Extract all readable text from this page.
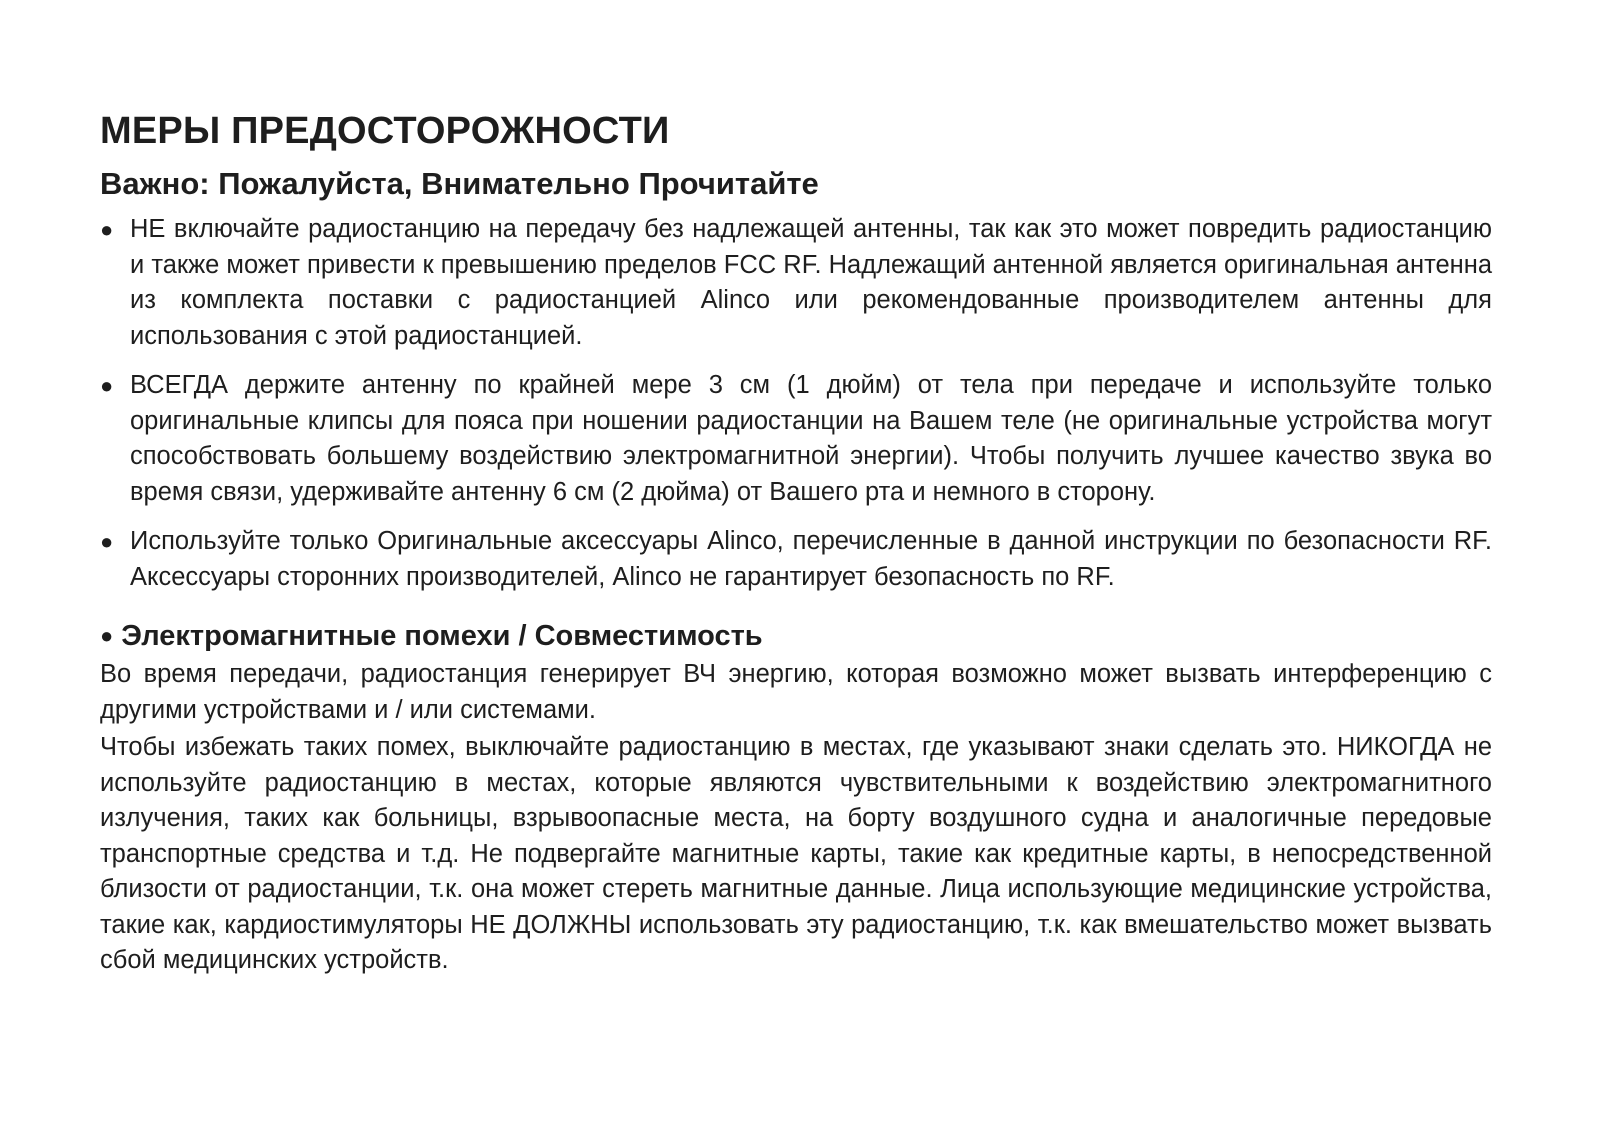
МЕРЫ ПРЕДОСТОРОЖНОСТИ
Важно: Пожалуйста, Внимательно Прочитайте
● НЕ включайте радиостанцию на передачу без надлежащей антенны, так как это может повредить радиостанцию и также может привести к превышению пределов FCC RF. Надлежащий антенной является оригинальная антенна из комплекта поставки с радиостанцией Alinco или рекомендованные производителем антенны для использования с этой радиостанцией.
● ВСЕГДА держите антенну по крайней мере 3 см (1 дюйм) от тела при передаче и используйте только оригинальные клипсы для пояса при ношении радиостанции на Вашем теле (не оригинальные устройства могут способствовать большему воздействию электромагнитной энергии). Чтобы получить лучшее качество звука во время связи, удерживайте антенну 6 см (2 дюйма) от Вашего рта и немного в сторону.
● Используйте только Оригинальные аксессуары Alinco, перечисленные в данной инструкции по безопасности RF. Аксессуары сторонних производителей, Alinco не гарантирует безопасность по RF.
● Электромагнитные помехи / Совместимость

Во время передачи, радиостанция генерирует ВЧ энергию, которая возможно может вызвать интерференцию с другими устройствами и / или системами.

Чтобы избежать таких помех, выключайте радиостанцию в местах, где указывают знаки сделать это. НИКОГДА не используйте радиостанцию в местах, которые являются чувствительными к воздействию электромагнитного излучения, таких как больницы, взрывоопасные места, на борту воздушного судна и аналогичные передовые транспортные средства и т.д. Не подвергайте магнитные карты, такие как кредитные карты, в непосредственной близости от радиостанции, т.к. она может стереть магнитные данные. Лица использующие медицинские устройства, такие как, кардиостимуляторы НЕ ДОЛЖНЫ использовать эту радиостанцию, т.к. как вмешательство может вызвать сбой медицинских устройств.
